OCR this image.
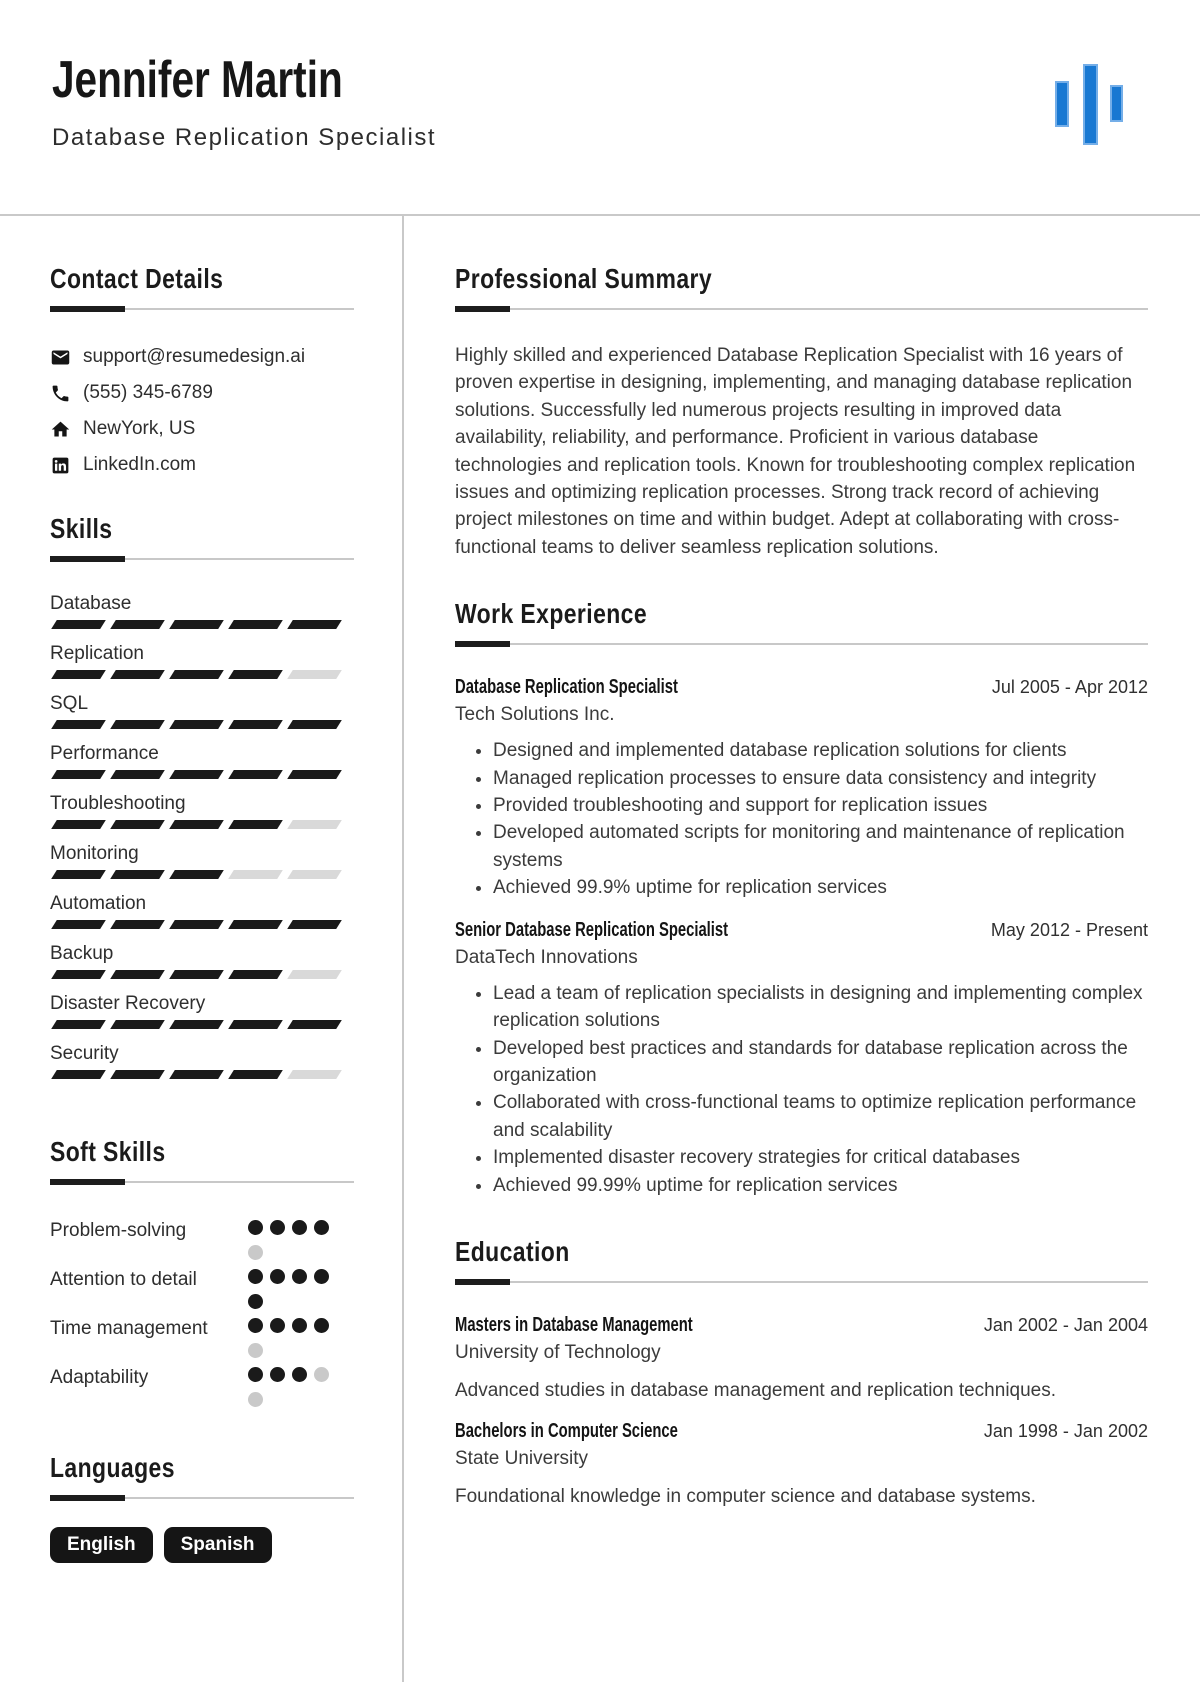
Jennifer Martin
Database Replication Specialist
Contact Details
support@resumedesign.ai
(555) 345-6789
NewYork, US
LinkedIn.com
Skills
Database
Replication
SQL
Performance
Troubleshooting
Monitoring
Automation
Backup
Disaster Recovery
Security
Soft Skills
Problem-solving
Attention to detail
Time management
Adaptability
Languages
English	Spanish
Professional Summary

Highly skilled and experienced Database Replication Specialist with 16 years of proven expertise in designing, implementing, and managing database replication solutions. Successfully led numerous projects resulting in improved data availability, reliability, and performance. Proficient in various database technologies and replication tools. Known for troubleshooting complex replication issues and optimizing replication processes. Strong track record of achieving project milestones on time and within budget. Adept at collaborating with cross-functional teams to deliver seamless replication solutions.

Work Experience
Database Replication Specialist	Jul 2005 - Apr 2012
Tech Solutions Inc.
• Designed and implemented database replication solutions for clients
• Managed replication processes to ensure data consistency and integrity
• Provided troubleshooting and support for replication issues
• Developed automated scripts for monitoring and maintenance of replication systems
• Achieved 99.9% uptime for replication services
Senior Database Replication Specialist	May 2012 - Present
DataTech Innovations
• Lead a team of replication specialists in designing and implementing complex replication solutions
• Developed best practices and standards for database replication across the organization
• Collaborated with cross-functional teams to optimize replication performance and scalability
• Implemented disaster recovery strategies for critical databases
• Achieved 99.99% uptime for replication services
Education
Masters in Database Management	Jan 2002 - Jan 2004
University of Technology
Advanced studies in database management and replication techniques.
Bachelors in Computer Science	Jan 1998 - Jan 2002
State University
Foundational knowledge in computer science and database systems.
